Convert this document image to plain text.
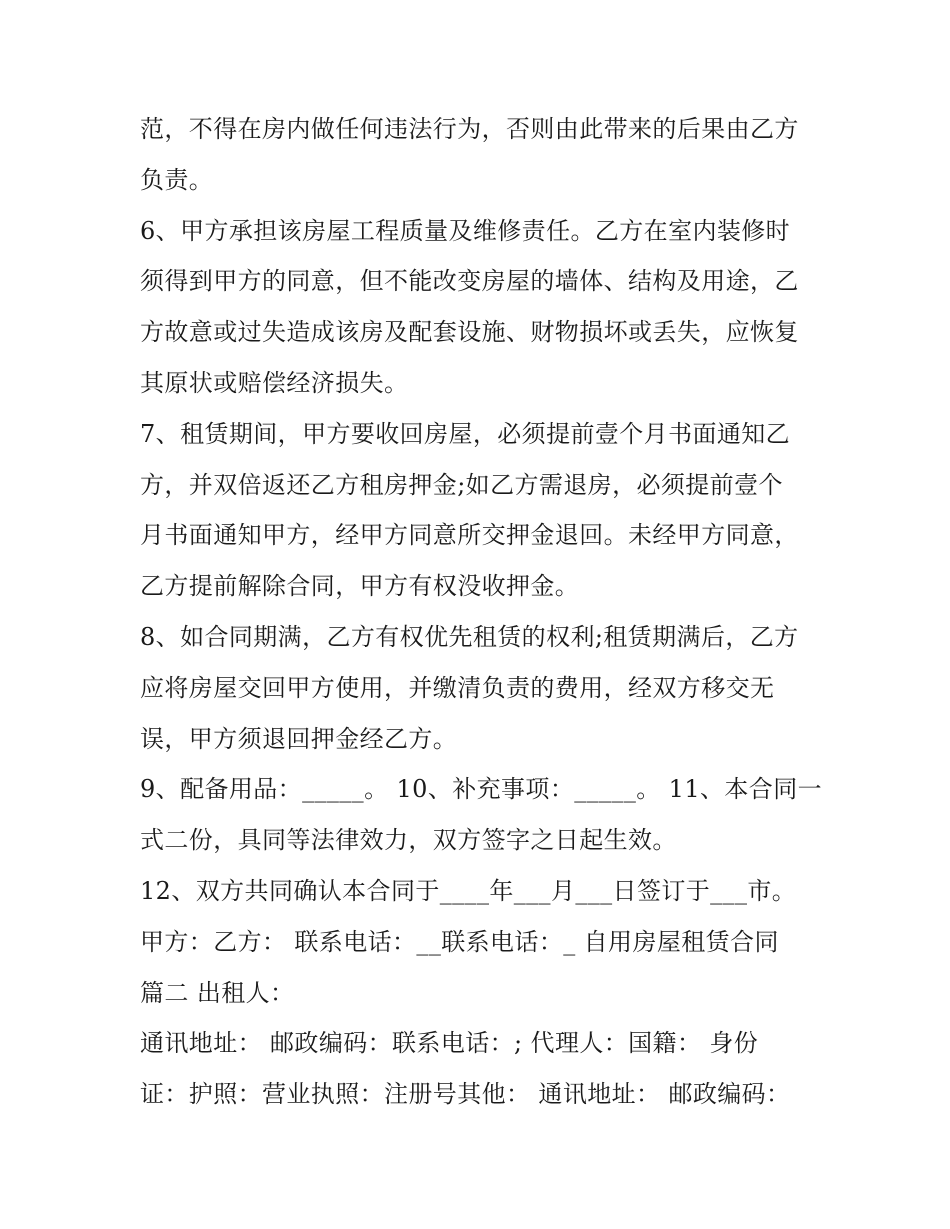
范，不得在房内做任何违法行为，否则由此带来的后果由乙方
负责。
6、甲方承担该房屋工程质量及维修责任。乙方在室内装修时
须得到甲方的同意，但不能改变房屋的墙体、结构及用途，乙
方故意或过失造成该房及配套设施、财物损坏或丢失，应恢复
其原状或赔偿经济损失。
7、租赁期间，甲方要收回房屋，必须提前壹个月书面通知乙
方，并双倍返还乙方租房押金;如乙方需退房，必须提前壹个
月书面通知甲方，经甲方同意所交押金退回。未经甲方同意，
乙方提前解除合同，甲方有权没收押金。
8、如合同期满，乙方有权优先租赁的权利;租赁期满后，乙方
应将房屋交回甲方使用，并缴清负责的费用，经双方移交无
误，甲方须退回押金经乙方。
9、配备用品：_____。 10、补充事项：_____。 11、本合同一
式二份，具同等法律效力，双方签字之日起生效。
12、双方共同确认本合同于____年___月___日签订于___市。
甲方：乙方： 联系电话：__联系电话：_ 自用房屋租赁合同
篇二 出租人：
通讯地址： 邮政编码：联系电话：; 代理人：国籍： 身份
证：护照：营业执照：注册号其他： 通讯地址： 邮政编码：
